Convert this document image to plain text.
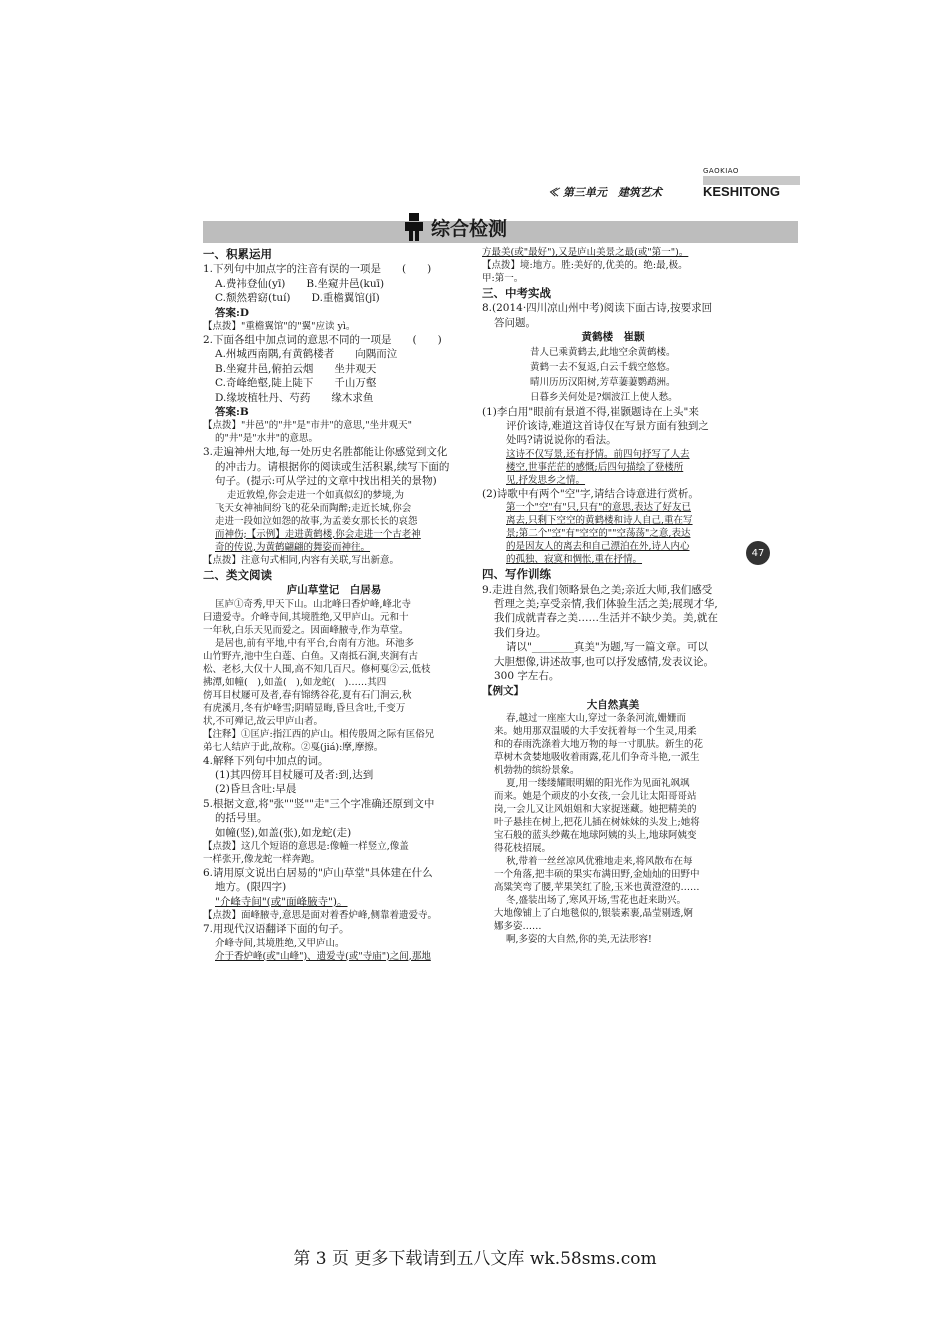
GAOKIAO
≪ 第三单元　建筑艺术	KESHITONG
综合检测

一、积累运用

1.下列句中加点字的注音有误的一项是　　(　　)

A.费祎登仙(yī)　　B.坐窥井邑(kuī)

C.颓然碧窈(tuí)　　D.重檐翼馆(jǐ)

答案:D

【点拨】"重檐翼馆"的"翼"应读 yì。

2.下面各组中加点词的意思不同的一项是　　(　　)

A.州城西南隅,有黄鹤楼者　　向隅而泣

B.坐窥井邑,俯拍云烟　　坐井观天

C.奇峰绝壑,陡上陡下　　千山万壑

D.缘坡植牡丹、芍药　　缘木求鱼

答案:B

【点拨】"井邑"的"井"是"市井"的意思,"坐井观天"

的"井"是"水井"的意思。

3.走遍神州大地,每一处历史名胜都能让你感觉到文化

的冲击力。请根据你的阅读或生活积累,续写下面的

句子。(提示:可从学过的文章中找出相关的景物)

走近敦煌,你会走进一个如真似幻的梦境,为

飞天女神袖间纷飞的花朵而陶醉;走近长城,你会

走进一段如泣如怨的故事,为孟姜女那长长的哀怨

而神伤;【示例】走进黄鹤楼,你会走进一个古老神

奇的传说,为黄鹤翩翩的舞姿而神往。

【点拨】注意句式相同,内容有关联,写出新意。

二、类文阅读

庐山草堂记　白居易

匡庐①奇秀,甲天下山。山北峰曰香炉峰,峰北寺

曰遗爱寺。介峰寺间,其境胜绝,又甲庐山。元和十

一年秋,白乐天见而爱之。因面峰腋寺,作为草堂。

是居也,前有平地,中有平台,台南有方池。环池多

山竹野卉,池中生白莲、白鱼。又南抵石涧,夹涧有古

松、老杉,大仅十人围,高不知几百尺。修柯戛②云,低枝

拂潭,如幢(　),如盖(　),如龙蛇(　)……其四

傍耳目杖屦可及者,春有锦绣谷花,夏有石门涧云,秋

有虎溪月,冬有炉峰雪;阴晴显晦,昏旦含吐,千变万

状,不可殚记,故云甲庐山者。

【注释】①匡庐:指江西的庐山。相传殷周之际有匡俗兄

弟七人结庐于此,故称。②戛(jiá):摩,摩擦。

4.解释下列句中加点的词。

(1)其四傍耳目杖屦可及者:到,达到

(2)昏旦含吐:早晨

5.根据文意,将"张""竖""走"三个字准确还原到文中

的括号里。

如幢(竖),如盖(张),如龙蛇(走)

【点拨】这几个短语的意思是:像幢一样竖立,像盖

一样张开,像龙蛇一样奔跑。

6.请用原文说出白居易的"庐山草堂"具体建在什么

地方。(限四字)

"介峰寺间"(或"面峰腋寺")。

【点拨】面峰腋寺,意思是面对着香炉峰,侧靠着遗爱寺。

7.用现代汉语翻译下面的句子。

介峰寺间,其境胜绝,又甲庐山。

介于香炉峰(或"山峰")、遗爱寺(或"寺庙")之间,那地

方最美(或"最好"),又是庐山美景之最(或"第一")。

【点拨】境:地方。胜:美好的,优美的。绝:最,极。

甲:第一。

三、中考实战

8.(2014·四川凉山州中考)阅读下面古诗,按要求回

答问题。

黄鹤楼　崔颢

昔人已乘黄鹤去,此地空余黄鹤楼。

黄鹤一去不复返,白云千载空悠悠。

晴川历历汉阳树,芳草萋萋鹦鹉洲。

日暮乡关何处是?烟波江上使人愁。

(1)李白用"眼前有景道不得,崔颢题诗在上头"来

评价该诗,难道这首诗仅在写景方面有独到之

处吗?请说说你的看法。

这诗不仅写景,还有抒情。前四句抒写了人去

楼空,世事茫茫的感慨;后四句描绘了登楼所

见,抒发思乡之情。

(2)诗歌中有两个"空"字,请结合诗意进行赏析。

第一个"空"有"只,只有"的意思,表达了好友已

离去,只剩下空空的黄鹤楼和诗人自己,重在写

景;第二个"空"有"空空的""空荡荡"之意,表达

的是因友人的离去和自己漂泊在外,诗人内心

的孤独、寂寞和惆怅,重在抒情。

四、写作训练

9.走进自然,我们领略景色之美;亲近大师,我们感受

哲理之美;享受亲情,我们体验生活之美;展现才华,

我们成就青春之美……生活并不缺少美。美,就在

我们身边。

请以"________真美"为题,写一篇文章。可以

大胆想像,讲述故事,也可以抒发感情,发表议论。

300 字左右。

【例文】

大自然真美

春,越过一座座大山,穿过一条条河流,姗姗而

来。她用那双温暖的大手安抚着每一个生灵,用柔

和的春雨洗涤着大地万物的每一寸肌肤。新生的花

草树木贪婪地吸收着雨露,花儿们争奇斗艳,一派生

机勃勃的缤纷景象。

夏,用一缕缕耀眼明媚的阳光作为见面礼飒飒

而来。她是个顽皮的小女孩,一会儿让太阳哥哥站

岗,一会儿又让风姐姐和大家捉迷藏。她把精美的

叶子悬挂在树上,把花儿插在树妹妹的头发上;她将

宝石般的蓝头纱戴在地球阿姨的头上,地球阿姨变

得花枝招展。

秋,带着一丝丝凉风优雅地走来,将风散布在每

一个角落,把丰硕的果实布满田野,金灿灿的田野中

高粱笑弯了腰,苹果笑红了脸,玉米也黄澄澄的……

冬,盛装出场了,寒风开场,雪花也赶来助兴。

大地像铺上了白地毯似的,银装素裹,晶莹剔透,婀

娜多姿……

啊,多姿的大自然,你的美,无法形容!

47
第 3 页 更多下载请到五八文库 wk.58sms.com
